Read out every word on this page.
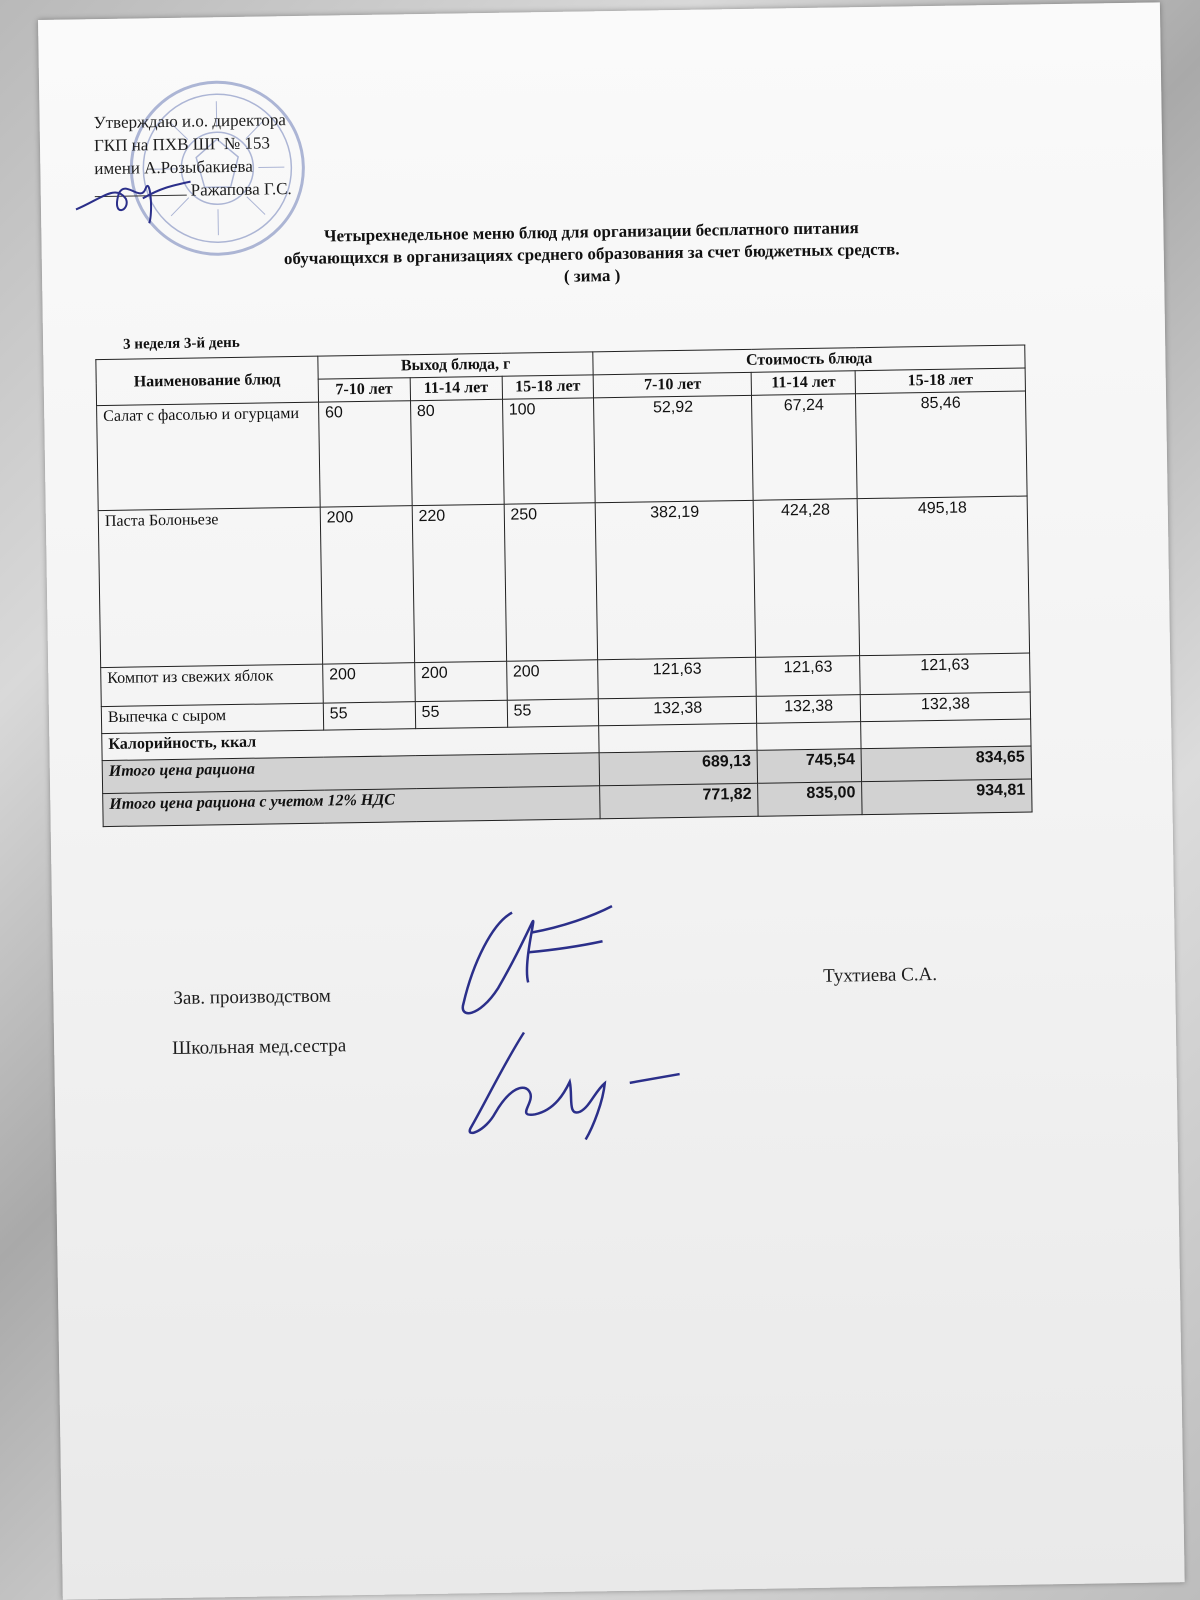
Утверждаю и.о. директора
ГКП на ПХВ ШГ № 153
имени А.Розыбакиева
Ражапова Г.С.
Четырехнедельное меню блюд для организации бесплатного питания
обучающихся в организациях среднего образования за счет бюджетных средств.
( зима )
3 неделя 3-й день
Наименование блюд	Выход блюда, г			Стоимость блюда		
	7-10 лет	11-14 лет	15-18 лет	7-10 лет	11-14 лет	15-18 лет
Салат с фасолью и огурцами	60	80	100	52,92	67,24	85,46
Паста Болоньезе	200	220	250	382,19	424,28	495,18
Компот из свежих яблок	200	200	200	121,63	121,63	121,63
Выпечка с сыром	55	55	55	132,38	132,38	132,38
Калорийность, ккал						
Итого цена рациона				689,13	745,54	834,65
Итого цена рациона с учетом 12% НДС				771,82	835,00	934,81
Зав. производством
Тухтиева С.А.
Школьная мед.сестра
